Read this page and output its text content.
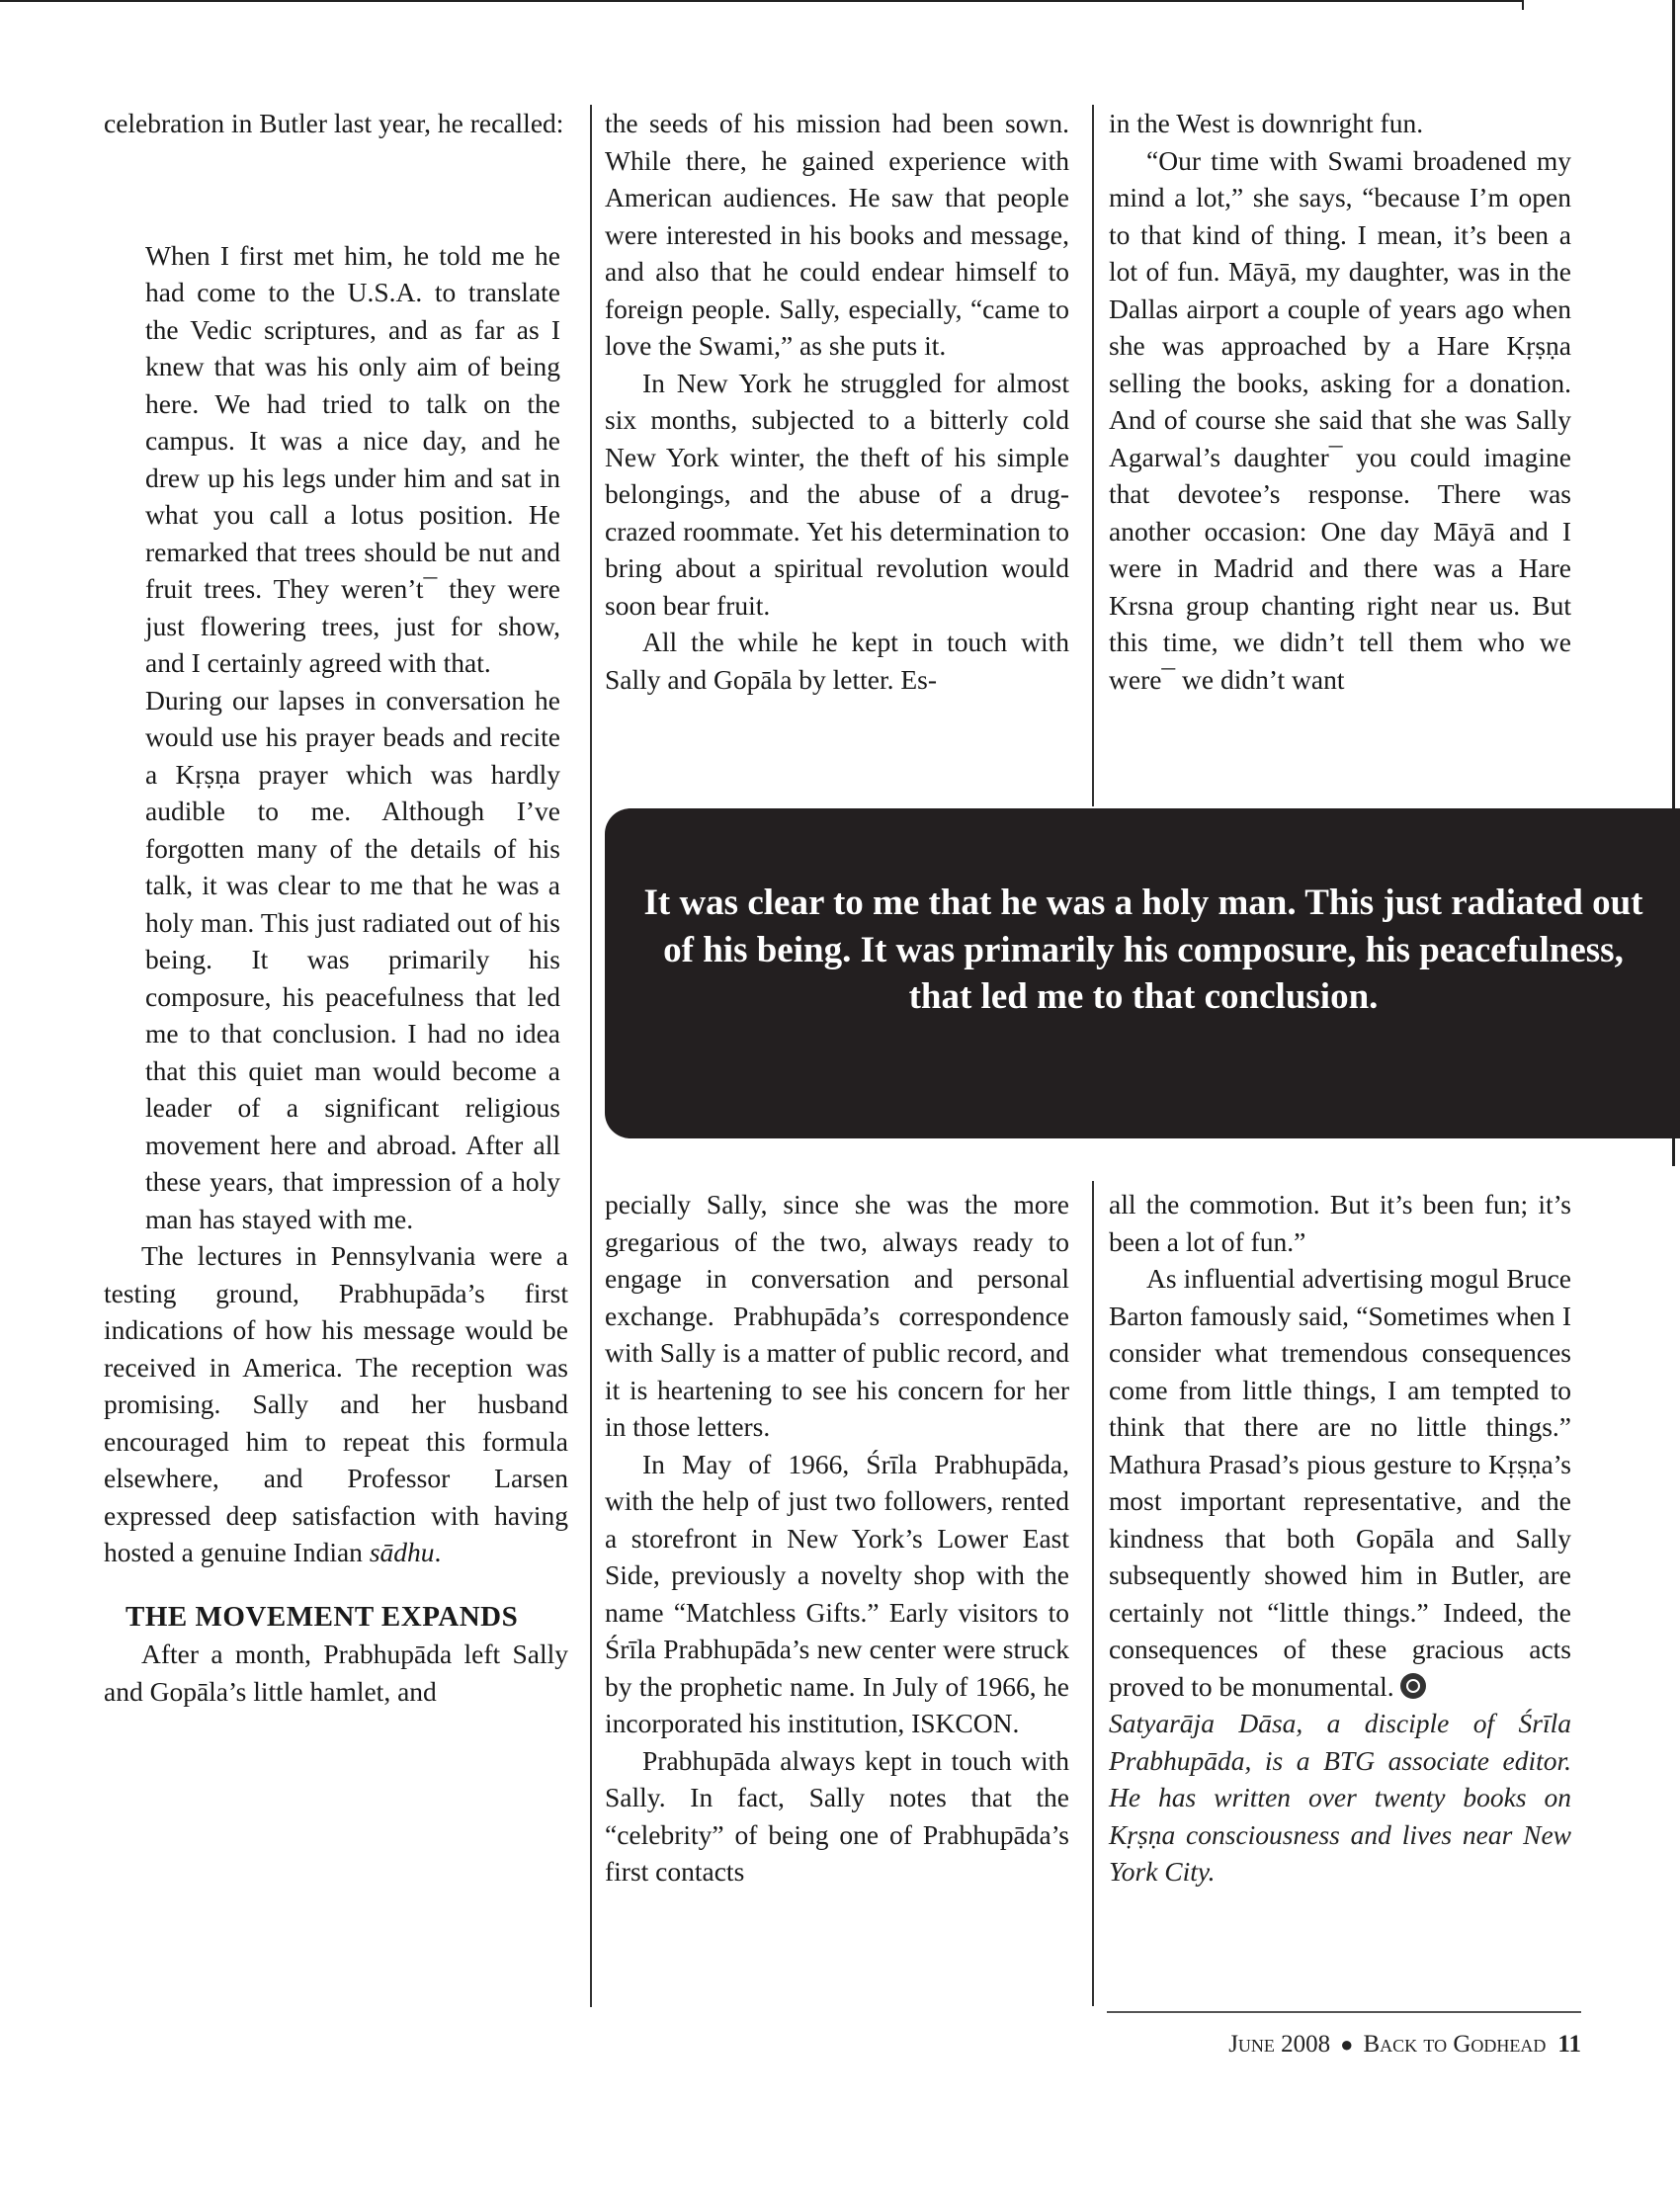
celebration in Butler last year, he recalled:

When I first met him, he told me he had come to the U.S.A. to translate the Vedic scriptures, and as far as I knew that was his only aim of being here. We had tried to talk on the campus. It was a nice day, and he drew up his legs under him and sat in what you call a lotus position. He remarked that trees should be nut and fruit trees. They weren’t¯ they were just flowering trees, just for show, and I certainly agreed with that.
During our lapses in conversation he would use his prayer beads and recite a Kṛṣṇa prayer which was hardly audible to me. Although I’ve forgotten many of the details of his talk, it was clear to me that he was a holy man. This just radiated out of his being. It was primarily his composure, his peacefulness that led me to that conclusion. I had no idea that this quiet man would become a leader of a significant religious movement here and abroad. After all these years, that impression of a holy man has stayed with me.

The lectures in Pennsylvania were a testing ground, Prabhupāda’s first indications of how his message would be received in America. The reception was promising. Sally and her husband encouraged him to repeat this formula elsewhere, and Professor Larsen expressed deep satisfaction with having hosted a genuine Indian sādhu.

THE MOVEMENT EXPANDS

After a month, Prabhupāda left Sally and Gopāla’s little hamlet, and

the seeds of his mission had been sown. While there, he gained experience with American audiences. He saw that people were interested in his books and message, and also that he could endear himself to foreign people. Sally, especially, “came to love the Swami,” as she puts it.

In New York he struggled for almost six months, subjected to a bitterly cold New York winter, the theft of his simple belongings, and the abuse of a drug-crazed roommate. Yet his determination to bring about a spiritual revolution would soon bear fruit.

All the while he kept in touch with Sally and Gopāla by letter. Es-

in the West is downright fun.

“Our time with Swami broadened my mind a lot,” she says, “because I’m open to that kind of thing. I mean, it’s been a lot of fun. Māyā, my daughter, was in the Dallas airport a couple of years ago when she was approached by a Hare Kṛṣṇa selling the books, asking for a donation. And of course she said that she was Sally Agarwal’s daughter¯ you could imagine that devotee’s response. There was another occasion: One day Māyā and I were in Madrid and there was a Hare Krsna group chanting right near us. But this time, we didn’t tell them who we were¯ we didn’t want

It was clear to me that he was a holy man. This just radiated out of his being. It was primarily his composure, his peacefulness, that led me to that conclusion.

pecially Sally, since she was the more gregarious of the two, always ready to engage in conversation and personal exchange. Prabhupāda’s correspondence with Sally is a matter of public record, and it is heartening to see his concern for her in those letters.

In May of 1966, Śrīla Prabhupāda, with the help of just two followers, rented a storefront in New York’s Lower East Side, previously a novelty shop with the name “Matchless Gifts.” Early visitors to Śrīla Prabhupāda’s new center were struck by the prophetic name. In July of 1966, he incorporated his institution, ISKCON.

Prabhupāda always kept in touch with Sally. In fact, Sally notes that the “celebrity” of being one of Prabhupāda’s first contacts

all the commotion. But it’s been fun; it’s been a lot of fun.”

As influential advertising mogul Bruce Barton famously said, “Sometimes when I consider what tremendous consequences come from little things, I am tempted to think that there are no little things.” Mathura Prasad’s pious gesture to Kṛṣṇa’s most important representative, and the kindness that both Gopāla and Sally subsequently showed him in Butler, are certainly not “little things.” Indeed, the consequences of these gracious acts proved to be monumental.

Satyarāja Dāsa, a disciple of Śrīla Prabhupāda, is a BTG associate editor. He has written over twenty books on Kṛṣṇa consciousness and lives near New York City.

June 2008 ● Back to Godhead 11
